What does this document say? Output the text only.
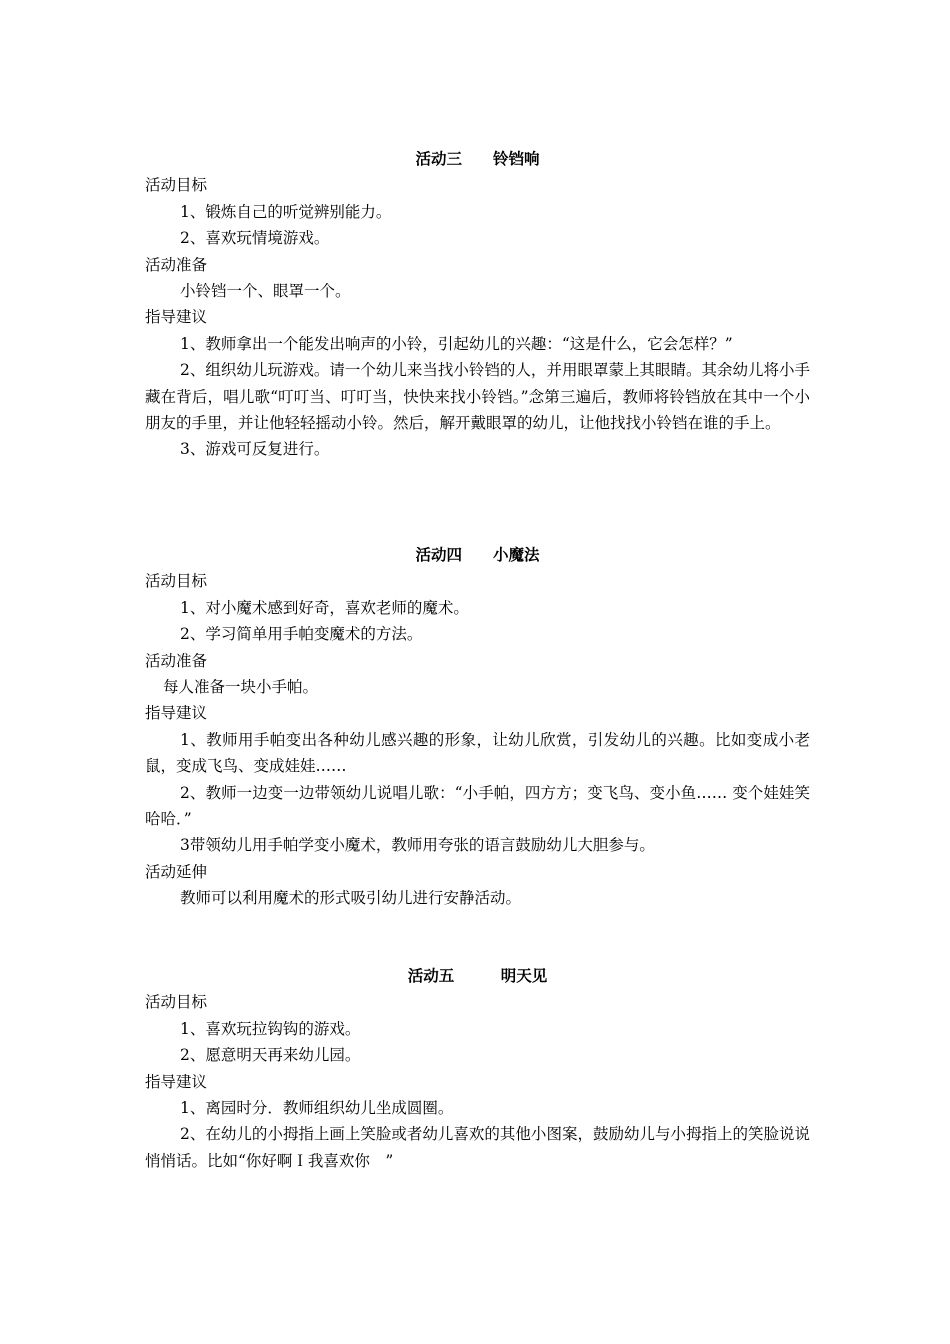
活动三　　铃铛响
活动目标
1、锻炼自己的听觉辨别能力。
2、喜欢玩情境游戏。
活动准备
小铃铛一个、眼罩一个。
指导建议
1、教师拿出一个能发出响声的小铃，引起幼儿的兴趣：“这是什么，它会怎样？”

2、组织幼儿玩游戏。请一个幼儿来当找小铃铛的人，并用眼罩蒙上其眼睛。其余幼儿将小手藏在背后，唱儿歌“叮叮当、叮叮当，快快来找小铃铛。”念第三遍后，教师将铃铛放在其中一个小朋友的手里，并让他轻轻摇动小铃。然后，解开戴眼罩的幼儿，让他找找小铃铛在谁的手上。

3、游戏可反复进行。
活动四　　小魔法
活动目标
1、对小魔术感到好奇，喜欢老师的魔术。
2、学习简单用手帕变魔术的方法。
活动准备
每人准备一块小手帕。
指导建议

1、教师用手帕变出各种幼儿感兴趣的形象，让幼儿欣赏，引发幼儿的兴趣。比如变成小老鼠，变成飞鸟、变成娃娃……

2、教师一边变一边带领幼儿说唱儿歌：“小手帕，四方方；变飞鸟、变小鱼…… 变个娃娃笑哈哈．”

3带领幼儿用手帕学变小魔术，教师用夸张的语言鼓励幼儿大胆参与。
活动延伸
教师可以利用魔术的形式吸引幼儿进行安静活动。
活动五　　　明天见
活动目标
1、喜欢玩拉钩钩的游戏。
2、愿意明天再来幼儿园。
指导建议
1、离园时分．教师组织幼儿坐成圆圈。

2、在幼儿的小拇指上画上笑脸或者幼儿喜欢的其他小图案，鼓励幼儿与小拇指上的笑脸说说悄悄话。比如“你好啊Ｉ我喜欢你　”
